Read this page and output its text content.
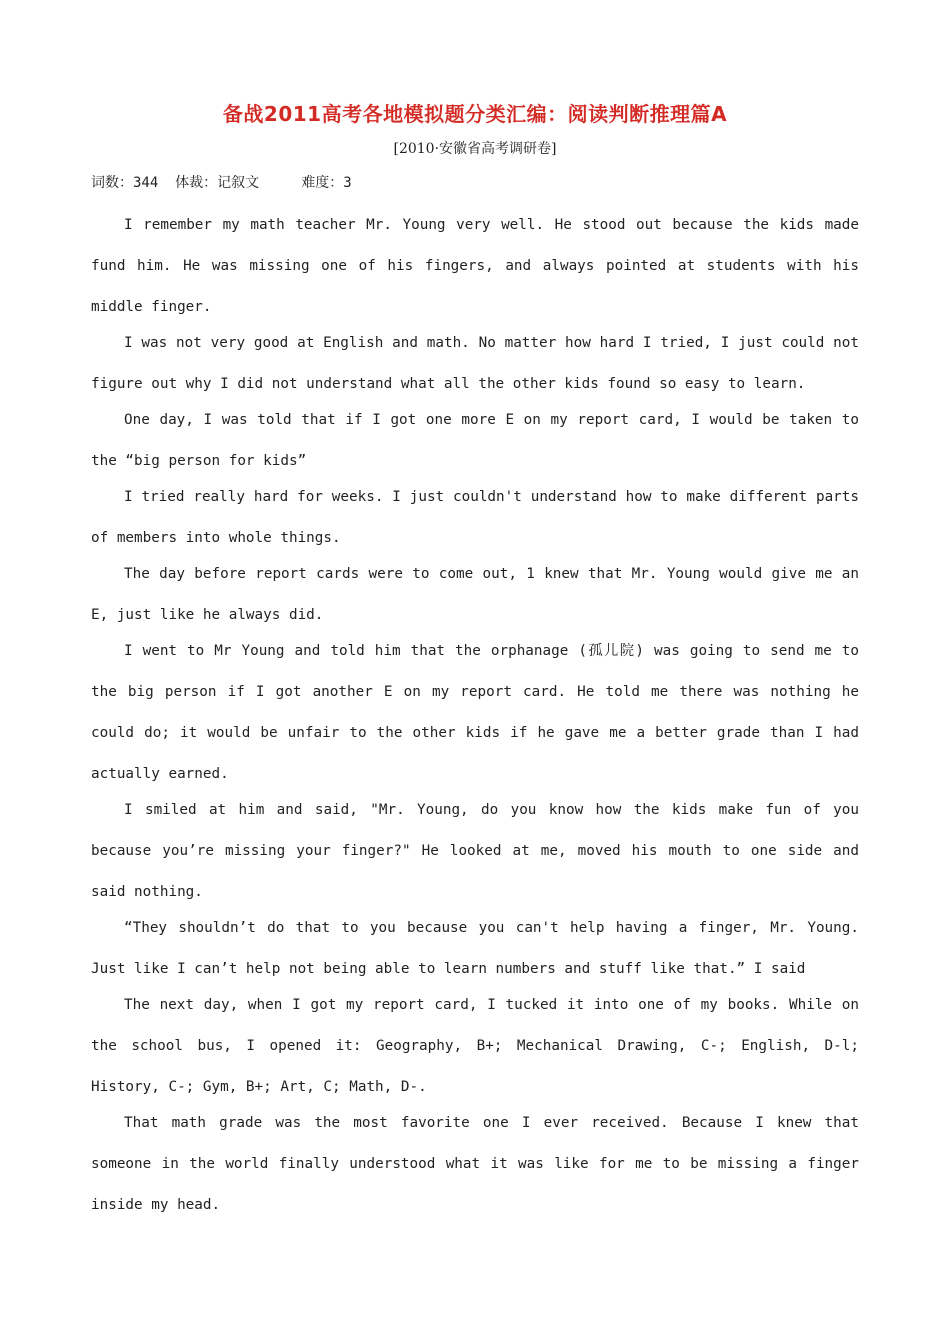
备战2011高考各地模拟题分类汇编：阅读判断推理篇A
[2010·安徽省高考调研卷]
词数：344  体裁：记叙文     难度：3

I remember my math teacher Mr. Young very well. He stood out because the kids made fund him. He was missing one of his fingers, and always pointed at students with his middle finger.

I was not very good at English and math. No matter how hard I tried, I just could not figure out why I did not understand what all the other kids found so easy to learn.

One day, I was told that if I got one more E on my report card, I would be taken to the “big person for kids”

I tried really hard for weeks. I just couldn't understand how to make different parts of members into whole things.

The day before report cards were to come out, 1 knew that Mr. Young would give me an E, just like he always did.

I went to Mr Young and told him that the orphanage (孤儿院) was going to send me to the big person if I got another E on my report card. He told me there was nothing he could do; it would be unfair to the other kids if he gave me a better grade than I had actually earned.

I smiled at him and said, "Mr. Young, do you know how the kids make fun of you because you’re missing your finger?" He looked at me, moved his mouth to one side and said nothing.

“They shouldn’t do that to you because you can't help having a finger, Mr. Young. Just like I can’t help not being able to learn numbers and stuff like that.” I said

The next day, when I got my report card, I tucked it into one of my books. While on the school bus, I opened it: Geography, B+; Mechanical Drawing, C-; English, D-l; History, C-; Gym, B+; Art, C; Math, D-.

That math grade was the most favorite one I ever received. Because I knew that someone in the world finally understood what it was like for me to be missing a finger inside my head.
